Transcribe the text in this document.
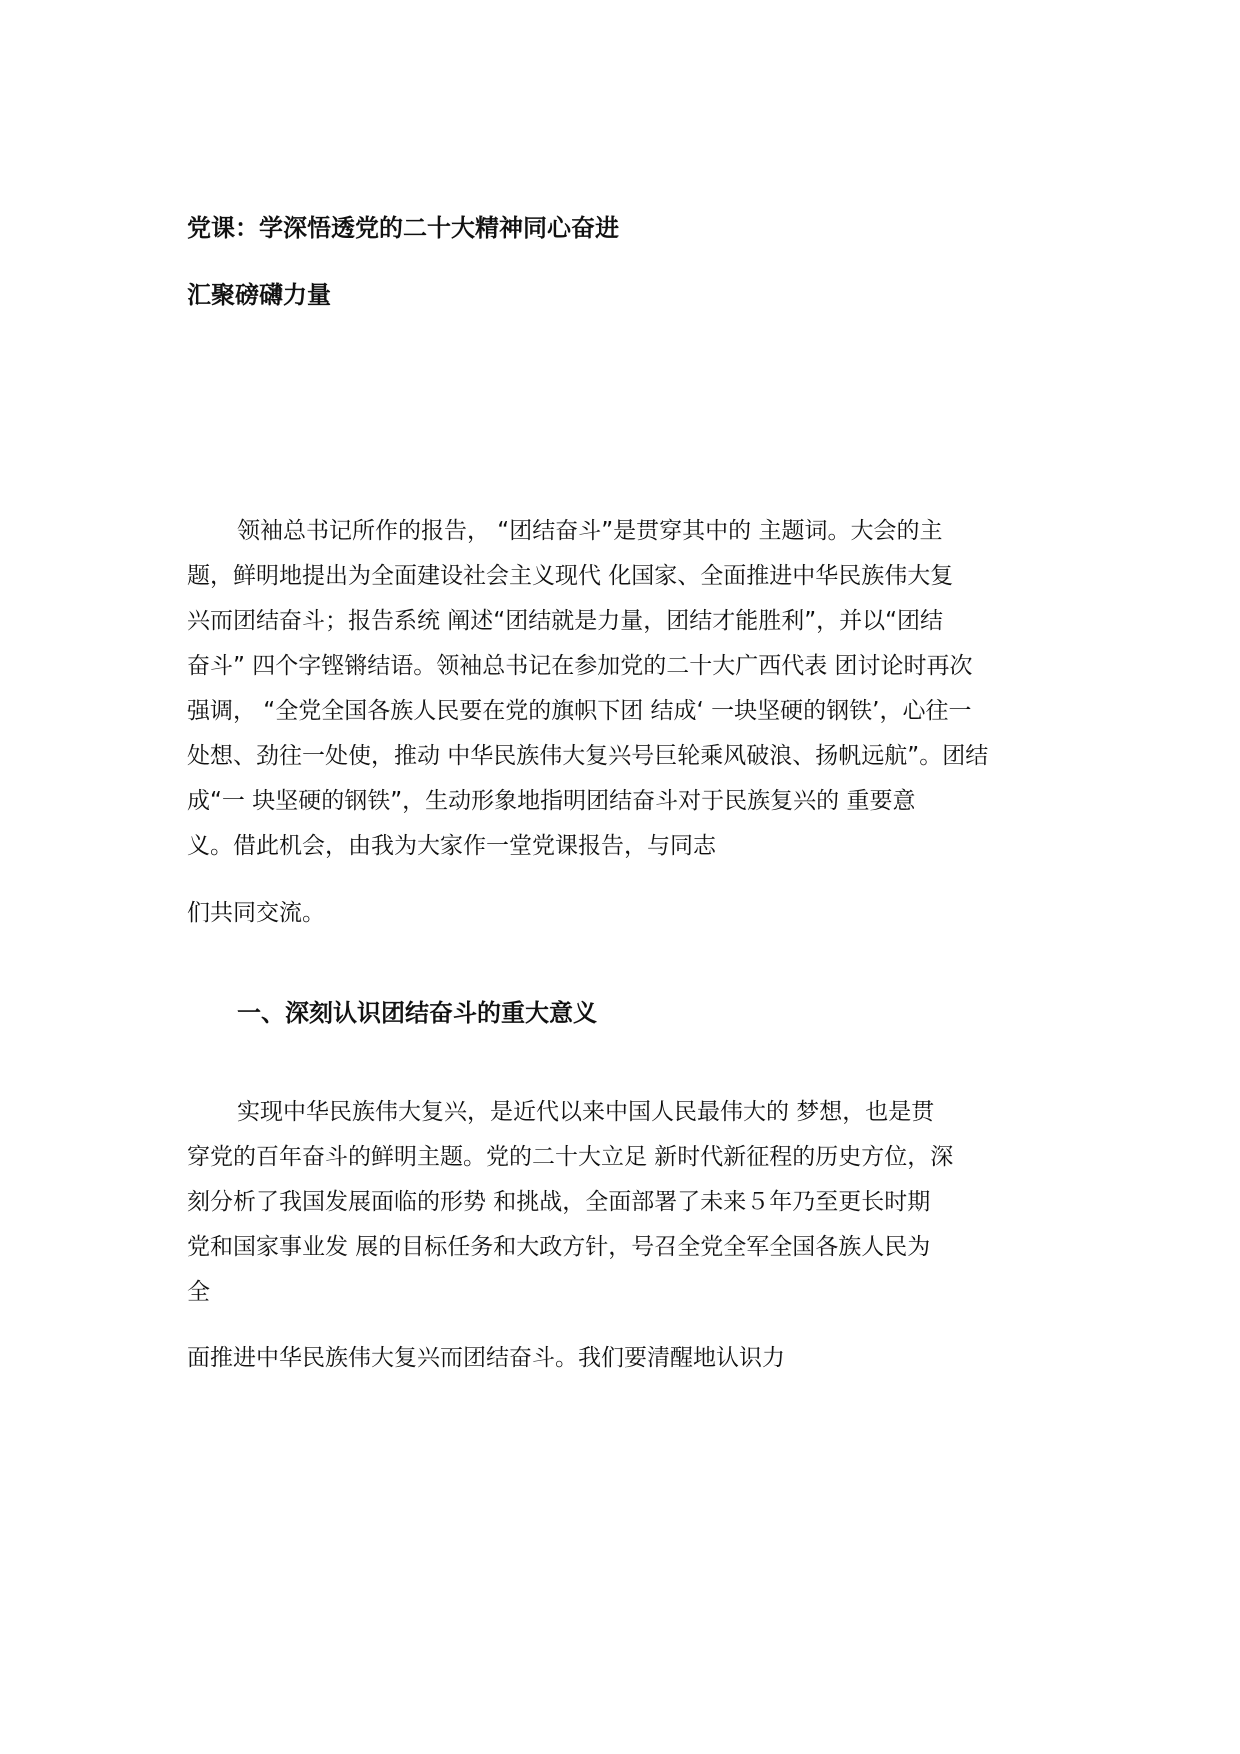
党课：学深悟透党的二十大精神同心奋进
汇聚磅礴力量
领袖总书记所作的报告， “团结奋斗”是贯穿其中的 主题词。大会的主
题，鲜明地提出为全面建设社会主义现代 化国家、全面推进中华民族伟大复
兴而团结奋斗；报告系统 阐述“团结就是力量，团结才能胜利”，并以“团结
奋斗” 四个字铿锵结语。领袖总书记在参加党的二十大广西代表 团讨论时再次
强调， “全党全国各族人民要在党的旗帜下团 结成‘ 一块坚硬的钢铁’，心往一
处想、劲往一处使，推动 中华民族伟大复兴号巨轮乘风破浪、扬帆远航”。团结
成“一 块坚硬的钢铁”，生动形象地指明团结奋斗对于民族复兴的 重要意
义。借此机会，由我为大家作一堂党课报告，与同志
们共同交流。
一、深刻认识团结奋斗的重大意义
实现中华民族伟大复兴，是近代以来中国人民最伟大的 梦想，也是贯
穿党的百年奋斗的鲜明主题。党的二十大立足 新时代新征程的历史方位，深
刻分析了我国发展面临的形势 和挑战，全面部署了未来５年乃至更长时期
党和国家事业发 展的目标任务和大政方针，号召全党全军全国各族人民为
全
面推进中华民族伟大复兴而团结奋斗。我们要清醒地认识力
